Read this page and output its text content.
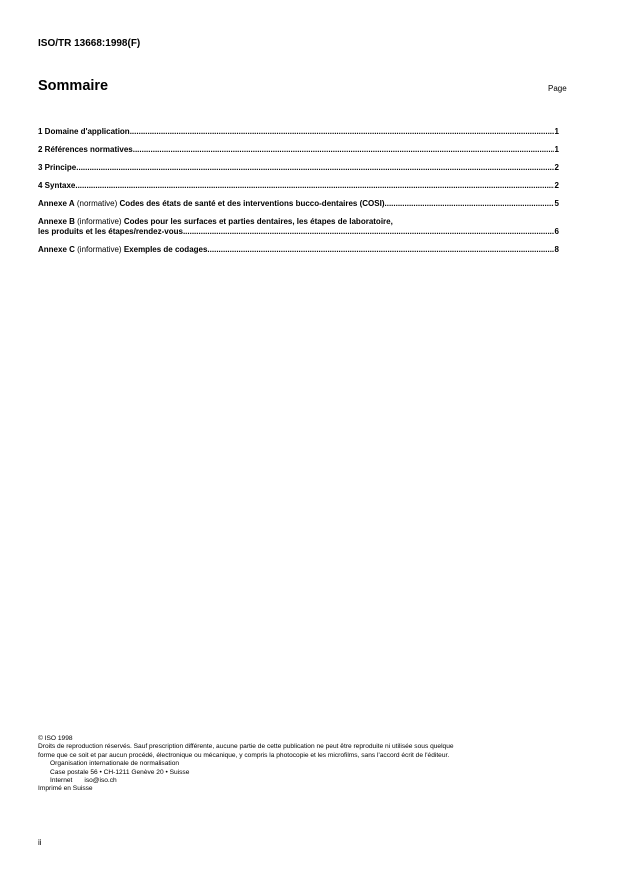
ISO/TR 13668:1998(F)
Sommaire	Page
1 Domaine d'application .....	1
2 Références normatives .....	1
3 Principe .....	2
4 Syntaxe .....	2
Annexe A (normative) Codes des états de santé et des interventions bucco-dentaires (COSI) .....	5
Annexe B (informative) Codes pour les surfaces et parties dentaires, les étapes de laboratoire,
les produits et les étapes/rendez-vous .....	6
Annexe C (informative) Exemples de codages .....	8
© ISO 1998
Droits de reproduction réservés. Sauf prescription différente, aucune partie de cette publication ne peut être reproduite ni utilisée sous quelque
forme que ce soit et par aucun procédé, électronique ou mécanique, y compris la photocopie et les microfilms, sans l'accord écrit de l'éditeur.
Organisation internationale de normalisation
Case postale 56 • CH-1211 Genève 20 • Suisse
Internet iso@iso.ch
Imprimé en Suisse
ii
